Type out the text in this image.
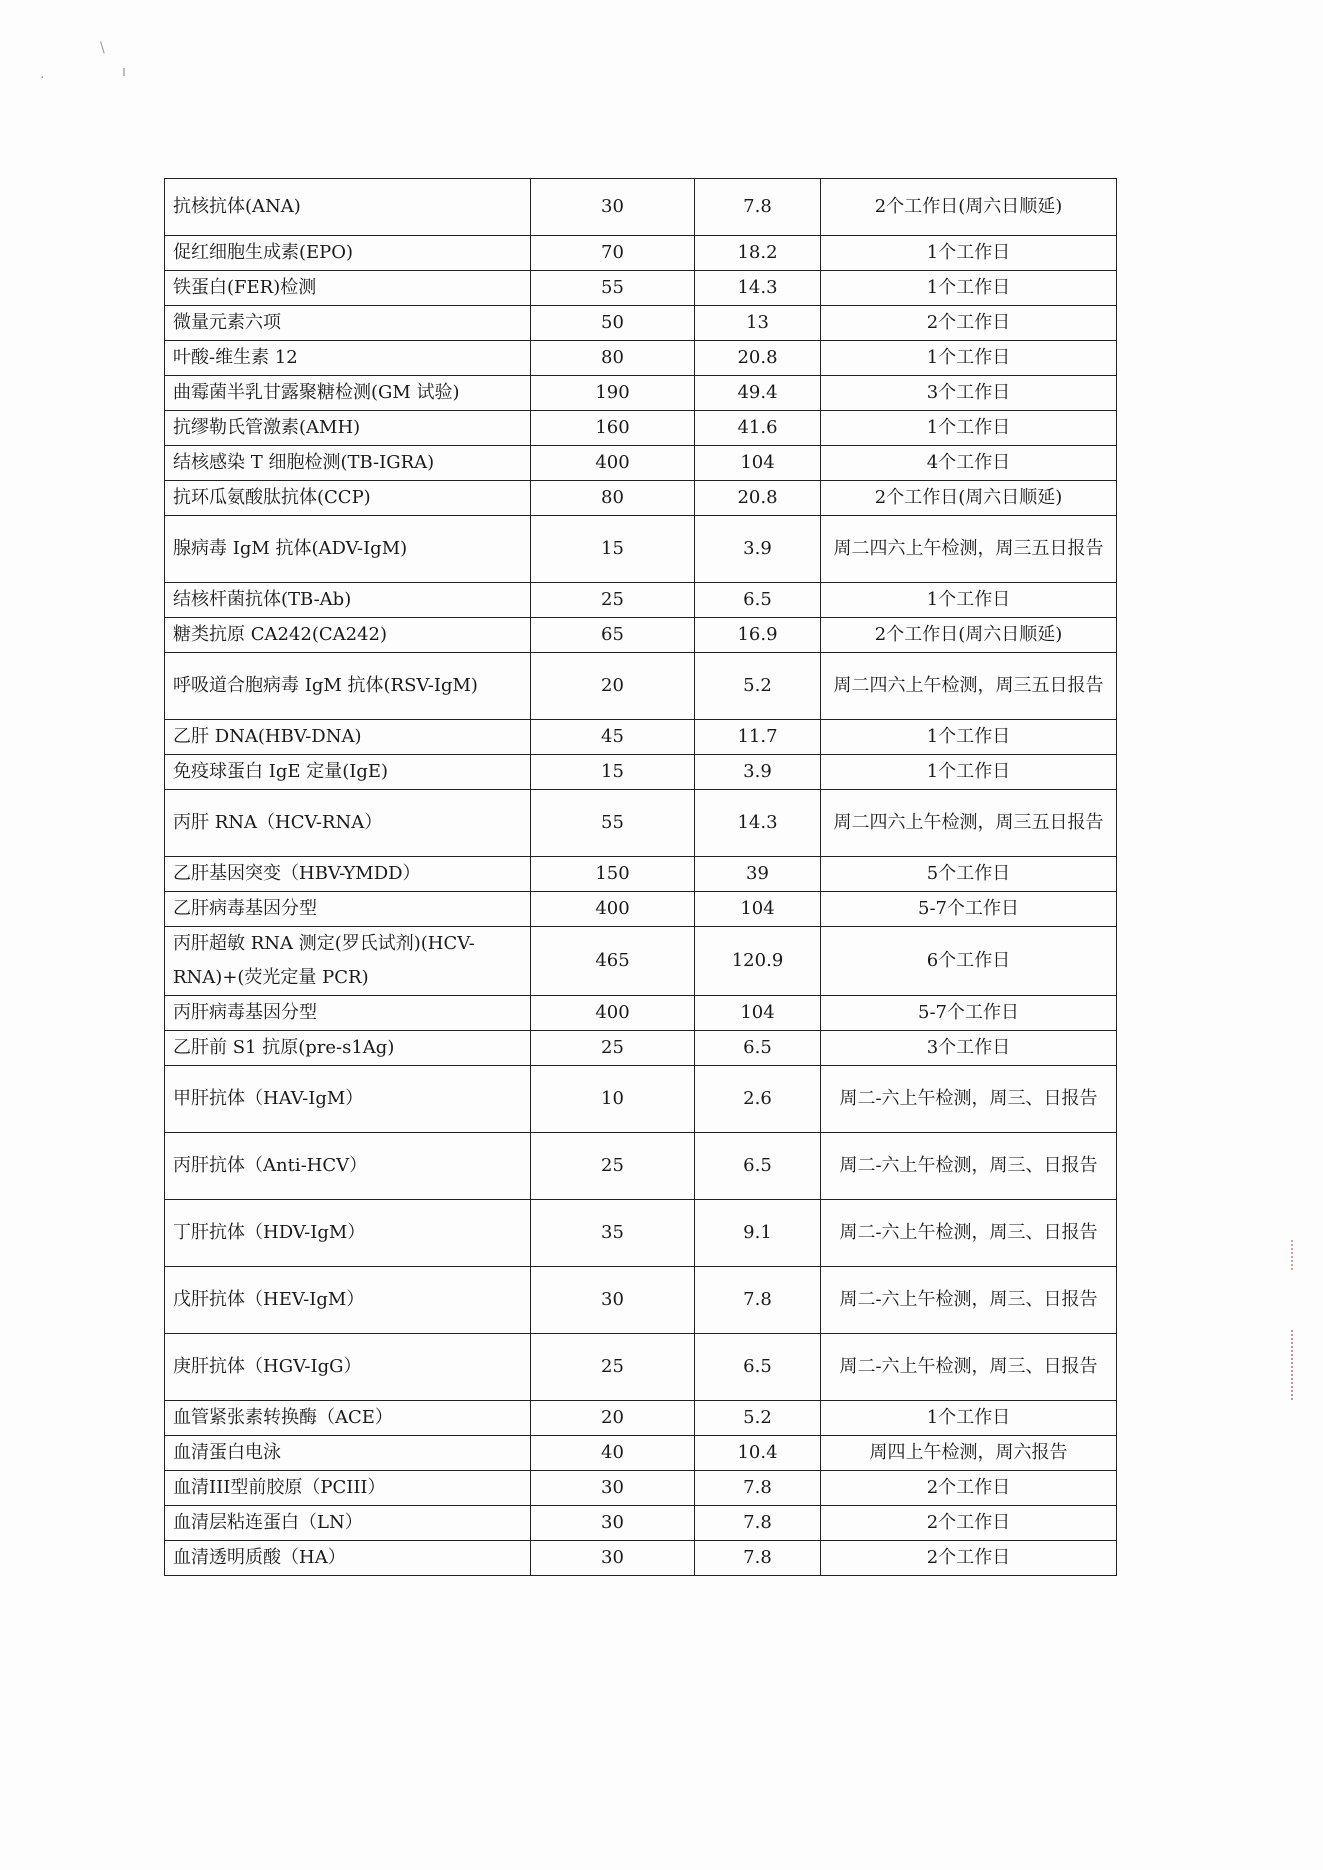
\
ı
·
抗核抗体(ANA)	30	7.8	2个工作日(周六日顺延)
促红细胞生成素(EPO)	70	18.2	1个工作日
铁蛋白(FER)检测	55	14.3	1个工作日
微量元素六项	50	13	2个工作日
叶酸-维生素 12	80	20.8	1个工作日
曲霉菌半乳甘露聚糖检测(GM 试验)	190	49.4	3个工作日
抗缪勒氏管激素(AMH)	160	41.6	1个工作日
结核感染 T 细胞检测(TB-IGRA)	400	104	4个工作日
抗环瓜氨酸肽抗体(CCP)	80	20.8	2个工作日(周六日顺延)
腺病毒 IgM 抗体(ADV-IgM)	15	3.9	周二四六上午检测，周三五日报告
结核杆菌抗体(TB-Ab)	25	6.5	1个工作日
糖类抗原 CA242(CA242)	65	16.9	2个工作日(周六日顺延)
呼吸道合胞病毒 IgM 抗体(RSV-IgM)	20	5.2	周二四六上午检测，周三五日报告
乙肝 DNA(HBV-DNA)	45	11.7	1个工作日
免疫球蛋白 IgE 定量(IgE)	15	3.9	1个工作日
丙肝 RNA（HCV-RNA）	55	14.3	周二四六上午检测，周三五日报告
乙肝基因突变（HBV-YMDD）	150	39	5个工作日
乙肝病毒基因分型	400	104	5-7个工作日
丙肝超敏 RNA 测定(罗氏试剂)(HCV-RNA)+(荧光定量 PCR)	465	120.9	6个工作日
丙肝病毒基因分型	400	104	5-7个工作日
乙肝前 S1 抗原(pre-s1Ag)	25	6.5	3个工作日
甲肝抗体（HAV-IgM）	10	2.6	周二-六上午检测，周三、日报告
丙肝抗体（Anti-HCV）	25	6.5	周二-六上午检测，周三、日报告
丁肝抗体（HDV-IgM）	35	9.1	周二-六上午检测，周三、日报告
戊肝抗体（HEV-IgM）	30	7.8	周二-六上午检测，周三、日报告
庚肝抗体（HGV-IgG）	25	6.5	周二-六上午检测，周三、日报告
血管紧张素转换酶（ACE）	20	5.2	1个工作日
血清蛋白电泳	40	10.4	周四上午检测，周六报告
血清III型前胶原（PCIII）	30	7.8	2个工作日
血清层粘连蛋白（LN）	30	7.8	2个工作日
血清透明质酸（HA）	30	7.8	2个工作日
